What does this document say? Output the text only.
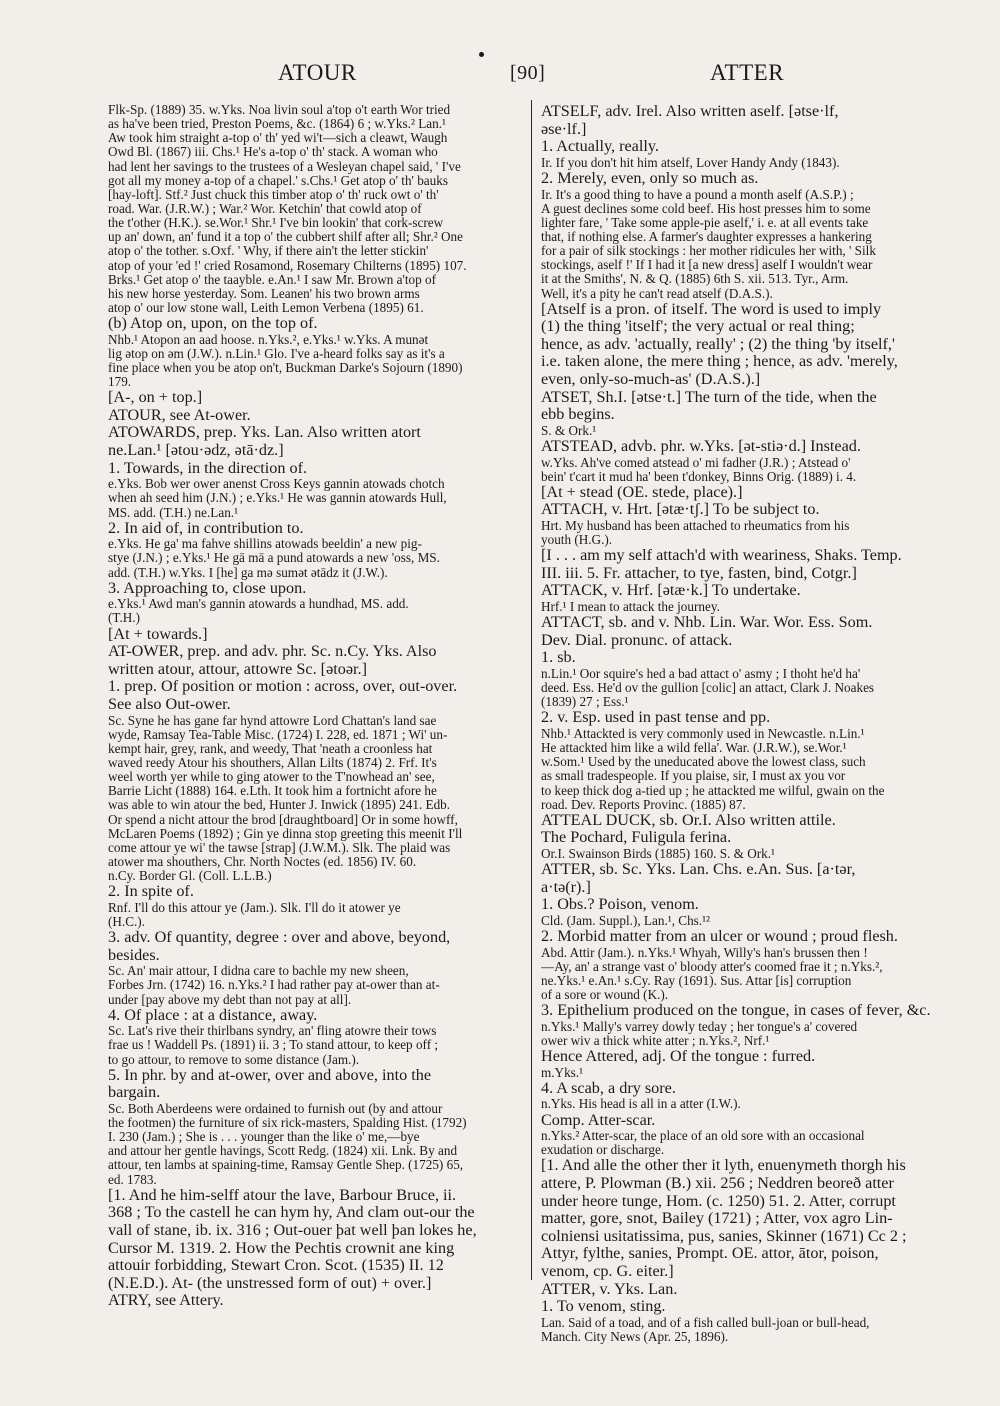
ATOUR	[90]	ATTER
Flk-Sp. (1889) 35. w.Yks. Noa livin soul a'top o't earth Wor tried
as ha've been tried, Preston Poems, &c. (1864) 6 ; w.Yks.² Lan.¹
Aw took him straight a-top o' th' yed wi't—sich a cleawt, Waugh
Owd Bl. (1867) iii. Chs.¹ He's a-top o' th' stack. A woman who
had lent her savings to the trustees of a Wesleyan chapel said, ' I've
got all my money a-top of a chapel.' s.Chs.¹ Get atop o' th' bauks
[hay-loft]. Stf.² Just chuck this timber atop o' th' ruck owt o' th'
road. War. (J.R.W.) ; War.² Wor. Ketchin' that cowld atop of
the t'other (H.K.). se.Wor.¹ Shr.¹ I've bin lookin' that cork-screw
up an' down, an' fund it a top o' the cubbert shilf after all; Shr.² One
atop o' the tother. s.Oxf. ' Why, if there ain't the letter stickin'
atop of your 'ed !' cried Rosamond, Rosemary Chilterns (1895) 107.
Brks.¹ Get atop o' the taayble. e.An.¹ I saw Mr. Brown a'top of
his new horse yesterday. Som. Leanen' his two brown arms
atop o' our low stone wall, Leith Lemon Verbena (1895) 61.
(b) Atop on, upon, on the top of.
Nhb.¹ Atopon an aad hoose. n.Yks.², e.Yks.¹ w.Yks. A munət
lig ətop on əm (J.W.). n.Lin.¹ Glo. I've a-heard folks say as it's a
fine place when you be atop on't, Buckman Darke's Sojourn (1890)
179.
[A-, on + top.]
ATOUR, see At-ower.
ATOWARDS, prep. Yks. Lan. Also written atort
ne.Lan.¹ [ətou·ədz, ətā·dz.]
1. Towards, in the direction of.
e.Yks. Bob wer ower anenst Cross Keys gannin atowads chotch
when ah seed him (J.N.) ; e.Yks.¹ He was gannin atowards Hull,
MS. add. (T.H.) ne.Lan.¹
2. In aid of, in contribution to.
e.Yks. He ga' ma fahve shillins atowads beeldin' a new pig-
stye (J.N.) ; e.Yks.¹ He gā mā a pund atowards a new 'oss, MS.
add. (T.H.) w.Yks. I [he] ga mə sumət ətādz it (J.W.).
3. Approaching to, close upon.
e.Yks.¹ Awd man's gannin atowards a hundhad, MS. add.
(T.H.)
[At + towards.]
AT-OWER, prep. and adv. phr. Sc. n.Cy. Yks. Also
written atour, attour, attowre Sc. [ətoər.]
1. prep. Of position or motion : across, over, out-over.
See also Out-ower.
Sc. Syne he has gane far hynd attowre Lord Chattan's land sae
wyde, Ramsay Tea-Table Misc. (1724) I. 228, ed. 1871 ; Wi' un-
kempt hair, grey, rank, and weedy, That 'neath a croonless hat
waved reedy Atour his shouthers, Allan Lilts (1874) 2. Frf. It's
weel worth yer while to ging atower to the T'nowhead an' see,
Barrie Licht (1888) 164. e.Lth. It took him a fortnicht afore he
was able to win atour the bed, Hunter J. Inwick (1895) 241. Edb.
Or spend a nicht attour the brod [draughtboard] Or in some howff,
McLaren Poems (1892) ; Gin ye dinna stop greeting this meenit I'll
come attour ye wi' the tawse [strap] (J.W.M.). Slk. The plaid was
atower ma shouthers, Chr. North Noctes (ed. 1856) IV. 60.
n.Cy. Border Gl. (Coll. L.L.B.)
2. In spite of.
Rnf. I'll do this attour ye (Jam.). Slk. I'll do it atower ye
(H.C.).
3. adv. Of quantity, degree : over and above, beyond,
besides.
Sc. An' mair attour, I didna care to bachle my new sheen,
Forbes Jrn. (1742) 16. n.Yks.² I had rather pay at-ower than at-
under [pay above my debt than not pay at all].
4. Of place : at a distance, away.
Sc. Lat's rive their thirlbans syndry, an' fling atowre their tows
frae us ! Waddell Ps. (1891) ii. 3 ; To stand attour, to keep off ;
to go attour, to remove to some distance (Jam.).
5. In phr. by and at-ower, over and above, into the
bargain.
Sc. Both Aberdeens were ordained to furnish out (by and attour
the footmen) the furniture of six rick-masters, Spalding Hist. (1792)
I. 230 (Jam.) ; She is . . . younger than the like o' me,—bye
and attour her gentle havings, Scott Redg. (1824) xii. Lnk. By and
attour, ten lambs at spaining-time, Ramsay Gentle Shep. (1725) 65,
ed. 1783.
[1. And he him-selff atour the lave, Barbour Bruce, ii.
368 ; To the castell he can hym hy, And clam out-our the
vall of stane, ib. ix. 316 ; Out-ouer þat well þan lokes he,
Cursor M. 1319. 2. How the Pechtis crownit ane king
attouir forbidding, Stewart Cron. Scot. (1535) II. 12
(N.E.D.). At- (the unstressed form of out) + over.]
ATRY, see Attery.
ATSELF, adv. Irel. Also written aself. [ətse·lf,
əse·lf.]
1. Actually, really.
Ir. If you don't hit him atself, Lover Handy Andy (1843).
2. Merely, even, only so much as.
Ir. It's a good thing to have a pound a month aself (A.S.P.) ;
A guest declines some cold beef. His host presses him to some
lighter fare, ' Take some apple-pie aself,' i. e. at all events take
that, if nothing else. A farmer's daughter expresses a hankering
for a pair of silk stockings : her mother ridicules her with, ' Silk
stockings, aself !' If I had it [a new dress] aself I wouldn't wear
it at the Smiths', N. & Q. (1885) 6th S. xii. 513. Tyr., Arm.
Well, it's a pity he can't read atself (D.A.S.).
[Atself is a pron. of itself. The word is used to imply
(1) the thing 'itself'; the very actual or real thing;
hence, as adv. 'actually, really' ; (2) the thing 'by itself,'
i.e. taken alone, the mere thing ; hence, as adv. 'merely,
even, only-so-much-as' (D.A.S.).]
ATSET, Sh.I. [ətse·t.] The turn of the tide, when the
ebb begins.
S. & Ork.¹
ATSTEAD, advb. phr. w.Yks. [ət-stiə·d.] Instead.
w.Yks. Ah've comed atstead o' mi fadher (J.R.) ; Atstead o'
bein' t'cart it mud ha' been t'donkey, Binns Orig. (1889) i. 4.
[At + stead (OE. stede, place).]
ATTACH, v. Hrt. [ətæ·tʃ.] To be subject to.
Hrt. My husband has been attached to rheumatics from his
youth (H.G.).
[I . . . am my self attach'd with weariness, Shaks. Temp.
III. iii. 5. Fr. attacher, to tye, fasten, bind, Cotgr.]
ATTACK, v. Hrf. [ətæ·k.] To undertake.
Hrf.¹ I mean to attack the journey.
ATTACT, sb. and v. Nhb. Lin. War. Wor. Ess. Som.
Dev. Dial. pronunc. of attack.
1. sb.
n.Lin.¹ Oor squire's hed a bad attact o' asmy ; I thoht he'd ha'
deed. Ess. He'd ov the gullion [colic] an attact, Clark J. Noakes
(1839) 27 ; Ess.¹
2. v. Esp. used in past tense and pp.
Nhb.¹ Attackted is very commonly used in Newcastle. n.Lin.¹
He attackted him like a wild fella'. War. (J.R.W.), se.Wor.¹
w.Som.¹ Used by the uneducated above the lowest class, such
as small tradespeople. If you plaise, sir, I must ax you vor
to keep thick dog a-tied up ; he attackted me wilful, gwain on the
road. Dev. Reports Provinc. (1885) 87.
ATTEAL DUCK, sb. Or.I. Also written attile.
The Pochard, Fuligula ferina.
Or.I. Swainson Birds (1885) 160. S. & Ork.¹
ATTER, sb. Sc. Yks. Lan. Chs. e.An. Sus. [a·tər,
a·tə(r).]
1. Obs.? Poison, venom.
Cld. (Jam. Suppl.), Lan.¹, Chs.¹²
2. Morbid matter from an ulcer or wound ; proud flesh.
Abd. Attir (Jam.). n.Yks.¹ Whyah, Willy's han's brussen then !
—Ay, an' a strange vast o' bloody atter's coomed frae it ; n.Yks.²,
ne.Yks.¹ e.An.¹ s.Cy. Ray (1691). Sus. Attar [is] corruption
of a sore or wound (K.).
3. Epithelium produced on the tongue, in cases of fever, &c.
n.Yks.¹ Mally's varrey dowly teday ; her tongue's a' covered
ower wiv a thick white atter ; n.Yks.², Nrf.¹
Hence Attered, adj. Of the tongue : furred.
m.Yks.¹
4. A scab, a dry sore.
n.Yks. His head is all in a atter (I.W.).
Comp. Atter-scar.
n.Yks.² Atter-scar, the place of an old sore with an occasional
exudation or discharge.
[1. And alle the other ther it lyth, enuenymeth thorgh his
attere, P. Plowman (B.) xii. 256 ; Neddren beoreð atter
under heore tunge, Hom. (c. 1250) 51. 2. Atter, corrupt
matter, gore, snot, Bailey (1721) ; Atter, vox agro Lin-
colniensi usitatissima, pus, sanies, Skinner (1671) Cc 2 ;
Attyr, fylthe, sanies, Prompt. OE. attor, ātor, poison,
venom, cp. G. eiter.]
ATTER, v. Yks. Lan.
1. To venom, sting.
Lan. Said of a toad, and of a fish called bull-joan or bull-head,
Manch. City News (Apr. 25, 1896).
